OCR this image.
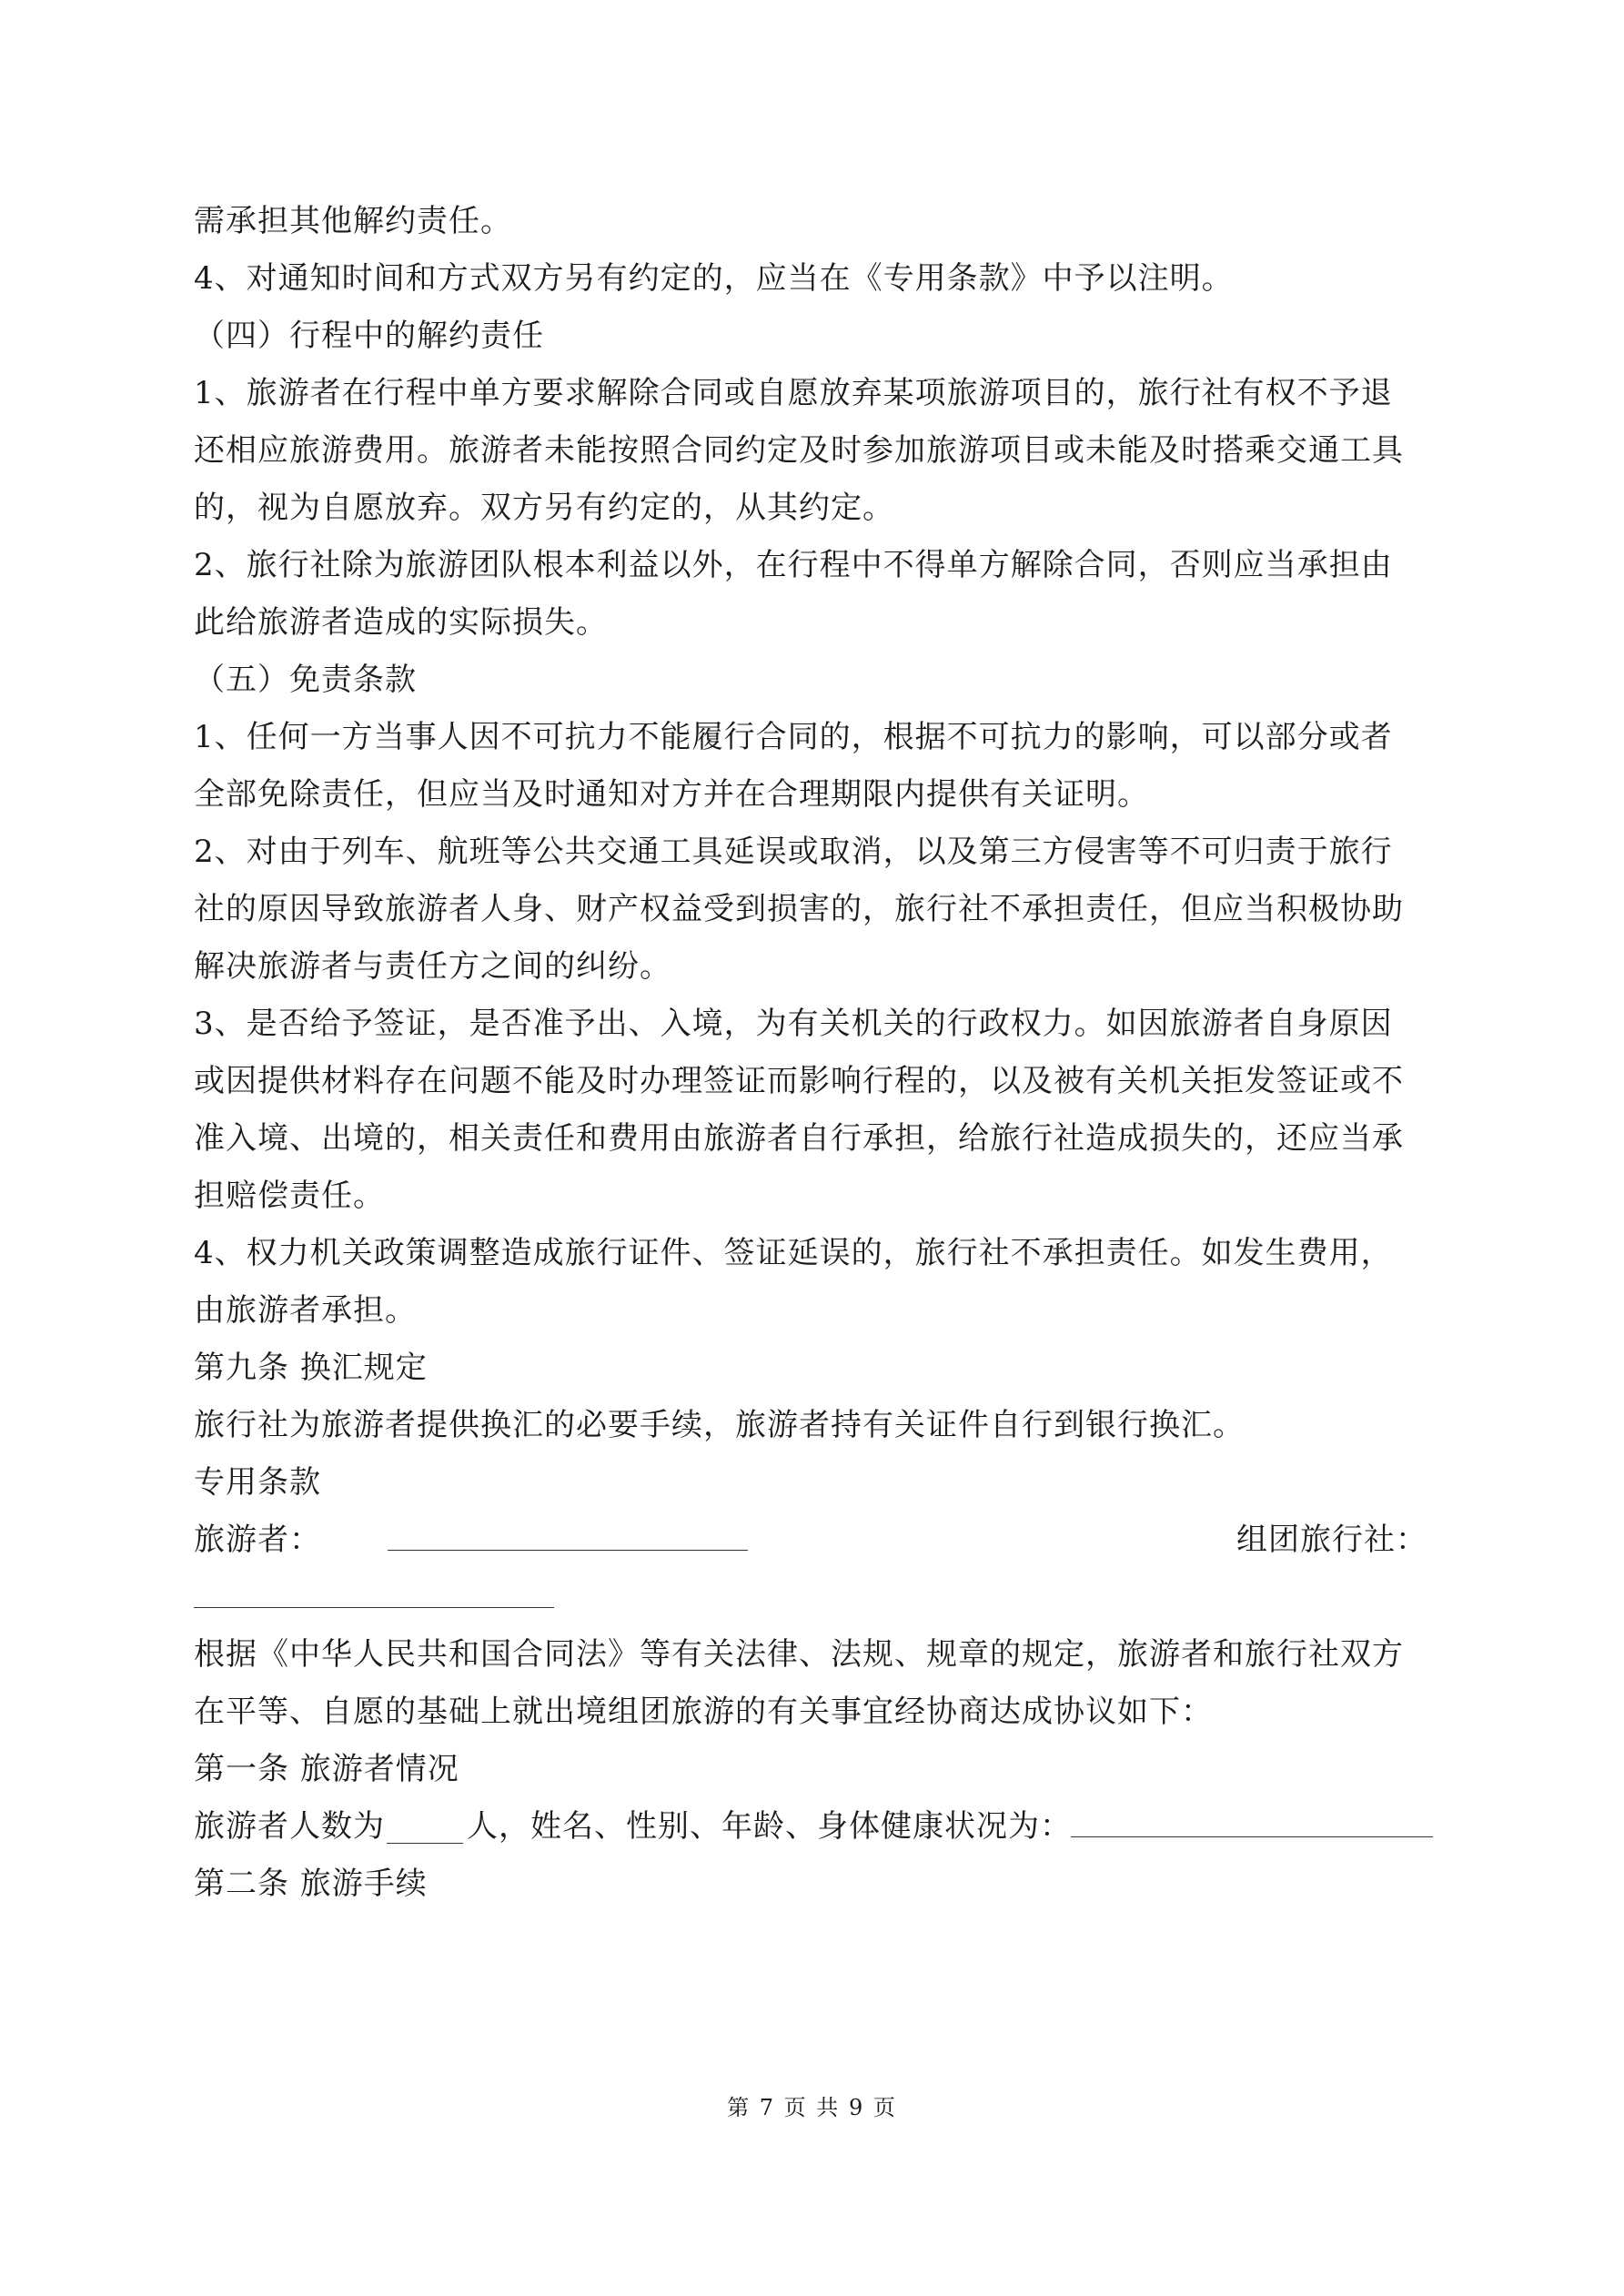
需承担其他解约责任。

4、对通知时间和方式双方另有约定的，应当在《专用条款》中予以注明。

（四）行程中的解约责任

1、旅游者在行程中单方要求解除合同或自愿放弃某项旅游项目的，旅行社有权不予退

还相应旅游费用。旅游者未能按照合同约定及时参加旅游项目或未能及时搭乘交通工具

的，视为自愿放弃。双方另有约定的，从其约定。

2、旅行社除为旅游团队根本利益以外，在行程中不得单方解除合同，否则应当承担由

此给旅游者造成的实际损失。

（五）免责条款

1、任何一方当事人因不可抗力不能履行合同的，根据不可抗力的影响，可以部分或者

全部免除责任，但应当及时通知对方并在合理期限内提供有关证明。

2、对由于列车、航班等公共交通工具延误或取消，以及第三方侵害等不可归责于旅行

社的原因导致旅游者人身、财产权益受到损害的，旅行社不承担责任，但应当积极协助

解决旅游者与责任方之间的纠纷。

3、是否给予签证，是否准予出、入境，为有关机关的行政权力。如因旅游者自身原因

或因提供材料存在问题不能及时办理签证而影响行程的，以及被有关机关拒发签证或不

准入境、出境的，相关责任和费用由旅游者自行承担，给旅行社造成损失的，还应当承

担赔偿责任。

4、权力机关政策调整造成旅行证件、签证延误的，旅行社不承担责任。如发生费用，

由旅游者承担。

第九条 换汇规定

旅行社为旅游者提供换汇的必要手续，旅游者持有关证件自行到银行换汇。

专用条款

旅游者：	组团旅行社：

根据《中华人民共和国合同法》等有关法律、法规、规章的规定，旅游者和旅行社双方

在平等、自愿的基础上就出境组团旅游的有关事宜经协商达成协议如下：

第一条 旅游者情况

旅游者人数为	人，姓名、性别、年龄、身体健康状况为：

第二条 旅游手续

第 7 页 共 9 页
